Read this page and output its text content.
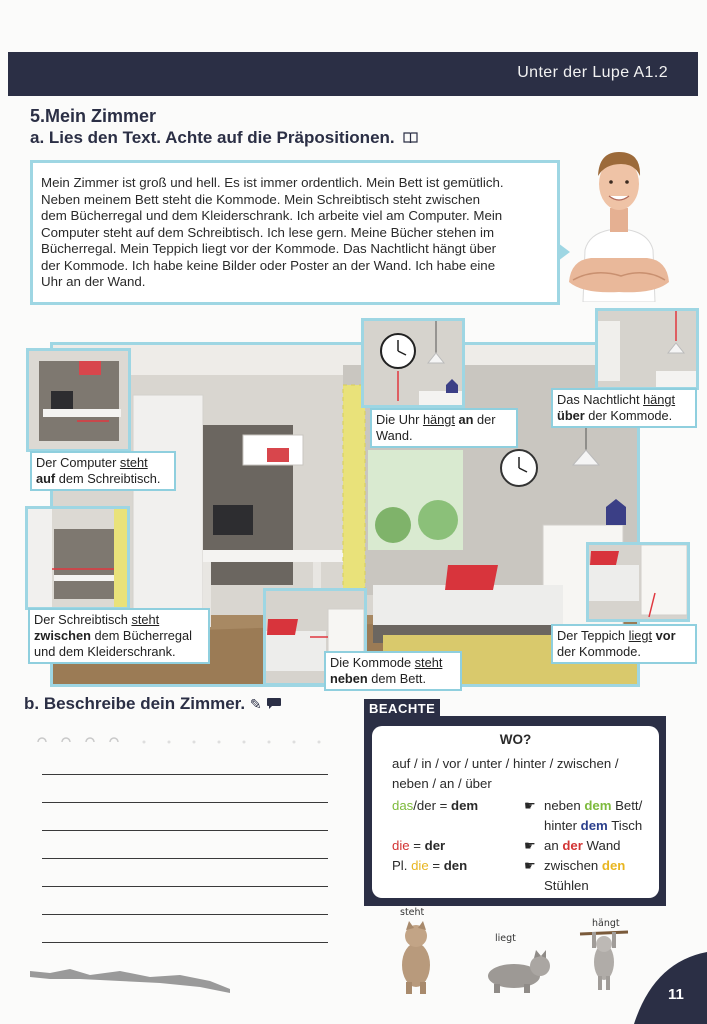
Unter der Lupe A1.2
5.Mein Zimmer
a. Lies den Text. Achte auf die Präpositionen.
Mein Zimmer ist groß und hell. Es ist immer ordentlich. Mein Bett ist gemütlich.
Neben meinem Bett steht die Kommode. Mein Schreibtisch steht zwischen
dem Bücherregal und dem Kleiderschrank. Ich arbeite viel am Computer. Mein
Computer steht auf dem Schreibtisch. Ich lese gern. Meine Bücher stehen im
Bücherregal. Mein Teppich liegt vor der Kommode. Das Nachtlicht hängt über
der Kommode. Ich habe keine Bilder oder Poster an der Wand. Ich habe eine
Uhr an der Wand.
Der Computer steht
auf dem Schreibtisch.
Die Uhr hängt an der
Wand.
Das Nachtlicht hängt
über der Kommode.
Der Schreibtisch steht
zwischen dem Bücherregal
und dem Kleiderschrank.
Die Kommode steht
neben dem Bett.
Der Teppich liegt vor
der Kommode.
b. Beschreibe dein Zimmer. ✎	BEACHTE
WO?
auf / in / vor / unter / hinter / zwischen /
neben / an / über
das/der = dem
die = der
Pl. die = den
☛ neben dem Bett/
hinter dem Tisch
☛ an der Wand
☛ zwischen den
Stühlen
steht
liegt
hängt
11
